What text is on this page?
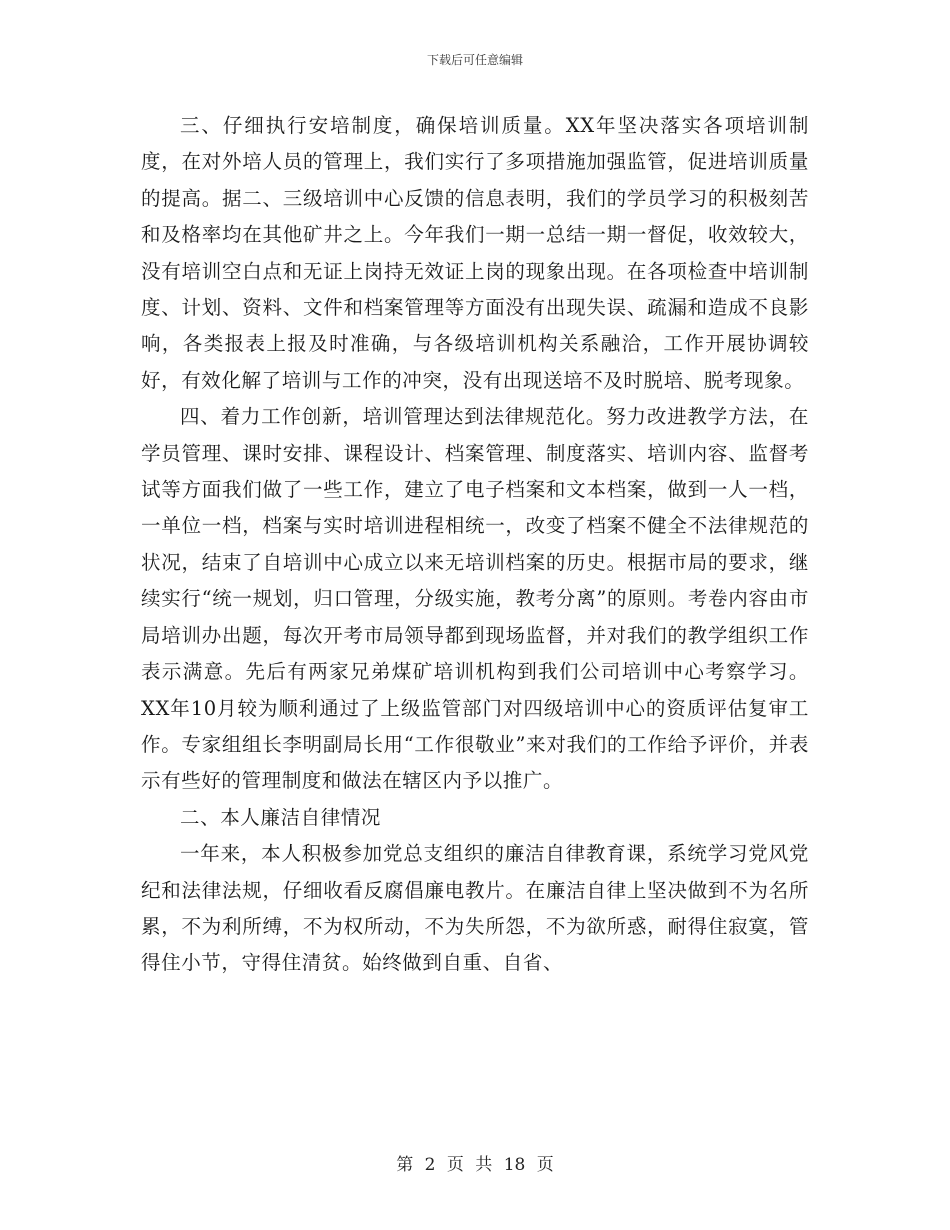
下载后可任意编辑

三、仔细执行安培制度，确保培训质量。XX年坚决落实各项培训制度，在对外培人员的管理上，我们实行了多项措施加强监管，促进培训质量的提高。据二、三级培训中心反馈的信息表明，我们的学员学习的积极刻苦和及格率均在其他矿井之上。今年我们一期一总结一期一督促，收效较大，没有培训空白点和无证上岗持无效证上岗的现象出现。在各项检查中培训制度、计划、资料、文件和档案管理等方面没有出现失误、疏漏和造成不良影响，各类报表上报及时准确，与各级培训机构关系融洽，工作开展协调较好，有效化解了培训与工作的冲突，没有出现送培不及时脱培、脱考现象。

四、着力工作创新，培训管理达到法律规范化。努力改进教学方法，在学员管理、课时安排、课程设计、档案管理、制度落实、培训内容、监督考试等方面我们做了一些工作，建立了电子档案和文本档案，做到一人一档，一单位一档，档案与实时培训进程相统一，改变了档案不健全不法律规范的状况，结束了自培训中心成立以来无培训档案的历史。根据市局的要求，继续实行“统一规划，归口管理，分级实施，教考分离”的原则。考卷内容由市局培训办出题，每次开考市局领导都到现场监督，并对我们的教学组织工作表示满意。先后有两家兄弟煤矿培训机构到我们公司培训中心考察学习。XX年10月较为顺利通过了上级监管部门对四级培训中心的资质评估复审工作。专家组组长李明副局长用“工作很敬业”来对我们的工作给予评价，并表示有些好的管理制度和做法在辖区内予以推广。

二、本人廉洁自律情况

一年来，本人积极参加党总支组织的廉洁自律教育课，系统学习党风党纪和法律法规，仔细收看反腐倡廉电教片。在廉洁自律上坚决做到不为名所累，不为利所缚，不为权所动，不为失所怨，不为欲所惑，耐得住寂寞，管得住小节，守得住清贫。始终做到自重、自省、

第 2 页 共 18 页
